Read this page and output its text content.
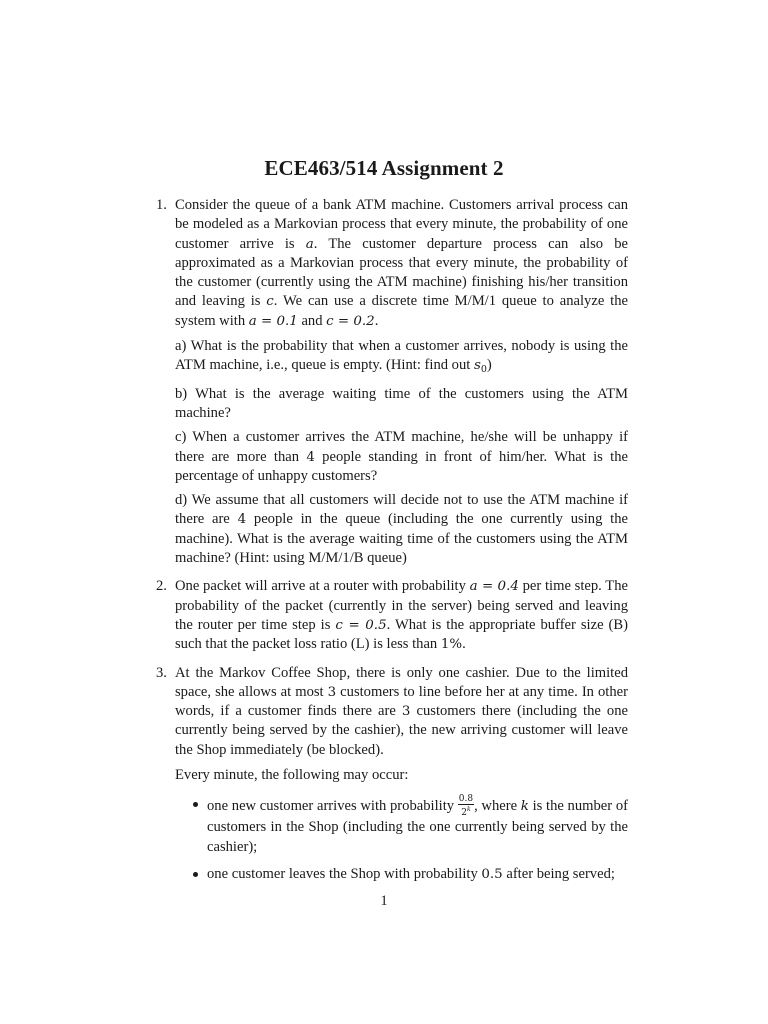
ECE463/514 Assignment 2
1. Consider the queue of a bank ATM machine. Customers arrival process can be modeled as a Markovian process that every minute, the probability of one customer arrive is a. The customer departure process can also be approximated as a Markovian process that every minute, the probability of the customer (currently using the ATM machine) finishing his/her transition and leaving is c. We can use a discrete time M/M/1 queue to analyze the system with a = 0.1 and c = 0.2.

a) What is the probability that when a customer arrives, nobody is using the ATM machine, i.e., queue is empty. (Hint: find out $s_0$)

b) What is the average waiting time of the customers using the ATM machine?

c) When a customer arrives the ATM machine, he/she will be unhappy if there are more than 4 people standing in front of him/her. What is the percentage of unhappy customers?

d) We assume that all customers will decide not to use the ATM machine if there are 4 people in the queue (including the one currently using the machine). What is the average waiting time of the customers using the ATM machine? (Hint: using M/M/1/B queue)

2. One packet will arrive at a router with probability a = 0.4 per time step. The probability of the packet (currently in the server) being served and leaving the router per time step is c = 0.5. What is the appropriate buffer size (B) such that the packet loss ratio (L) is less than 1%.

3. At the Markov Coffee Shop, there is only one cashier. Due to the limited space, she allows at most 3 customers to line before her at any time. In other words, if a customer finds there are 3 customers there (including the one currently being served by the cashier), the new arriving customer will leave the Shop immediately (be blocked).

Every minute, the following may occur:

one new customer arrives with probability $\frac{0.8}{2^k}$ , where k is the number of customers in the Shop (including the one currently being served by the cashier);
one customer leaves the Shop with probability 0.5 after being served;
1
